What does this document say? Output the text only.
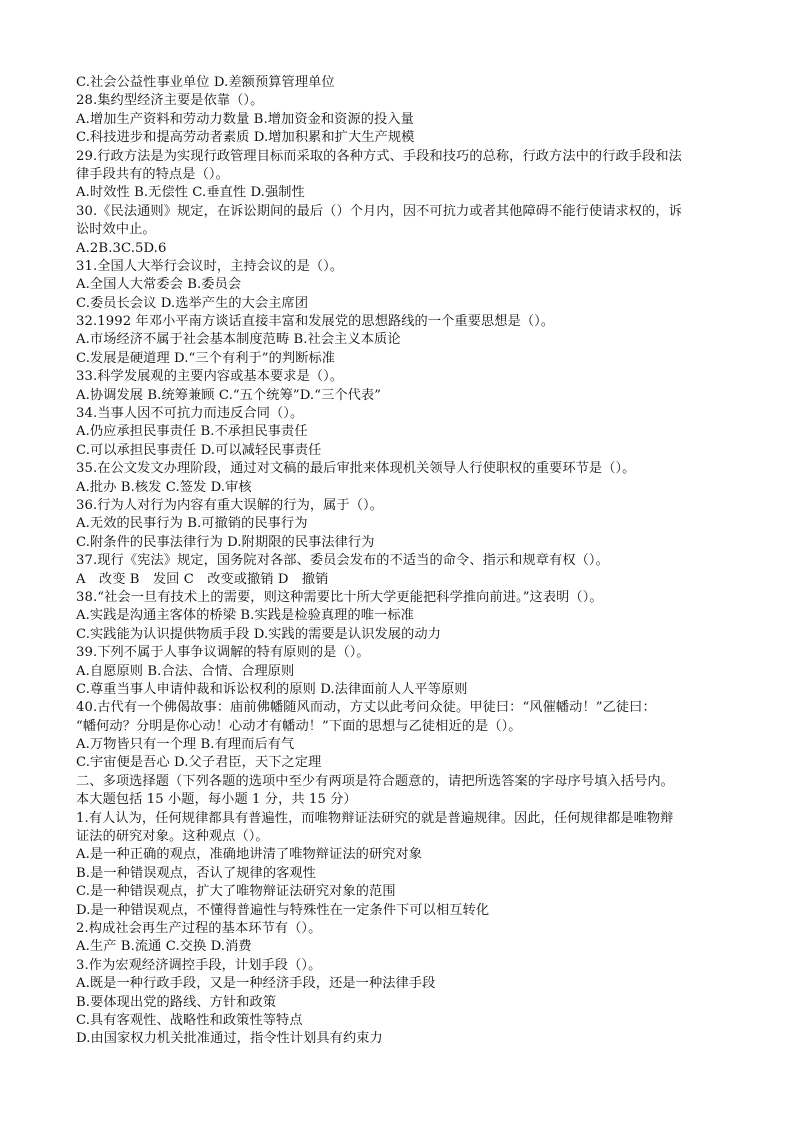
C.社会公益性事业单位 D.差额预算管理单位
28.集约型经济主要是依靠（）。
A.增加生产资料和劳动力数量 B.增加资金和资源的投入量
C.科技进步和提高劳动者素质 D.增加积累和扩大生产规模
29.行政方法是为实现行政管理目标而采取的各种方式、手段和技巧的总称，行政方法中的行政手段和法
律手段共有的特点是（）。
A.时效性 B.无偿性 C.垂直性 D.强制性
30.《民法通则》规定，在诉讼期间的最后（）个月内，因不可抗力或者其他障碍不能行使请求权的，诉
讼时效中止。
A.2B.3C.5D.6
31.全国人大举行会议时，主持会议的是（）。
A.全国人大常委会 B.委员会
C.委员长会议 D.选举产生的大会主席团
32.1992 年邓小平南方谈话直接丰富和发展党的思想路线的一个重要思想是（）。
A.市场经济不属于社会基本制度范畴 B.社会主义本质论
C.发展是硬道理 D.“三个有利于”的判断标准
33.科学发展观的主要内容或基本要求是（）。
A.协调发展 B.统筹兼顾 C.“五个统筹”D.“三个代表”
34.当事人因不可抗力而违反合同（）。
A.仍应承担民事责任 B.不承担民事责任
C.可以承担民事责任 D.可以减轻民事责任
35.在公文发文办理阶段，通过对文稿的最后审批来体现机关领导人行使职权的重要环节是（）。
A.批办 B.核发 C.签发 D.审核
36.行为人对行为内容有重大误解的行为，属于（）。
A.无效的民事行为 B.可撤销的民事行为
C.附条件的民事法律行为 D.附期限的民事法律行为
37.现行《宪法》规定，国务院对各部、委员会发布的不适当的命令、指示和规章有权（）。
A　改变 B　发回 C　改变或撤销 D　撤销
38.“社会一旦有技术上的需要，则这种需要比十所大学更能把科学推向前进。”这表明（）。
A.实践是沟通主客体的桥梁 B.实践是检验真理的唯一标准
C.实践能为认识提供物质手段 D.实践的需要是认识发展的动力
39.下列不属于人事争议调解的特有原则的是（）。
A.自愿原则 B.合法、合情、合理原则
C.尊重当事人申请仲裁和诉讼权利的原则 D.法律面前人人平等原则
40.古代有一个佛偈故事：庙前佛幡随风而动，方丈以此考问众徒。甲徒曰：“风催幡动！”乙徒曰：
“幡何动？分明是你心动！心动才有幡动！”下面的思想与乙徒相近的是（）。
A.万物皆只有一个理 B.有理而后有气
C.宇宙便是吾心 D.父子君臣，天下之定理
二、多项选择题（下列各题的选项中至少有两项是符合题意的，请把所选答案的字母序号填入括号内。
本大题包括 15 小题，每小题 1 分，共 15 分）
1.有人认为，任何规律都具有普遍性，而唯物辩证法研究的就是普遍规律。因此，任何规律都是唯物辩
证法的研究对象。这种观点（）。
A.是一种正确的观点，准确地讲清了唯物辩证法的研究对象
B.是一种错误观点，否认了规律的客观性
C.是一种错误观点，扩大了唯物辩证法研究对象的范围
D.是一种错误观点，不懂得普遍性与特殊性在一定条件下可以相互转化
2.构成社会再生产过程的基本环节有（）。
A.生产 B.流通 C.交换 D.消费
3.作为宏观经济调控手段，计划手段（）。
A.既是一种行政手段，又是一种经济手段，还是一种法律手段
B.要体现出党的路线、方针和政策
C.具有客观性、战略性和政策性等特点
D.由国家权力机关批准通过，指令性计划具有约束力
